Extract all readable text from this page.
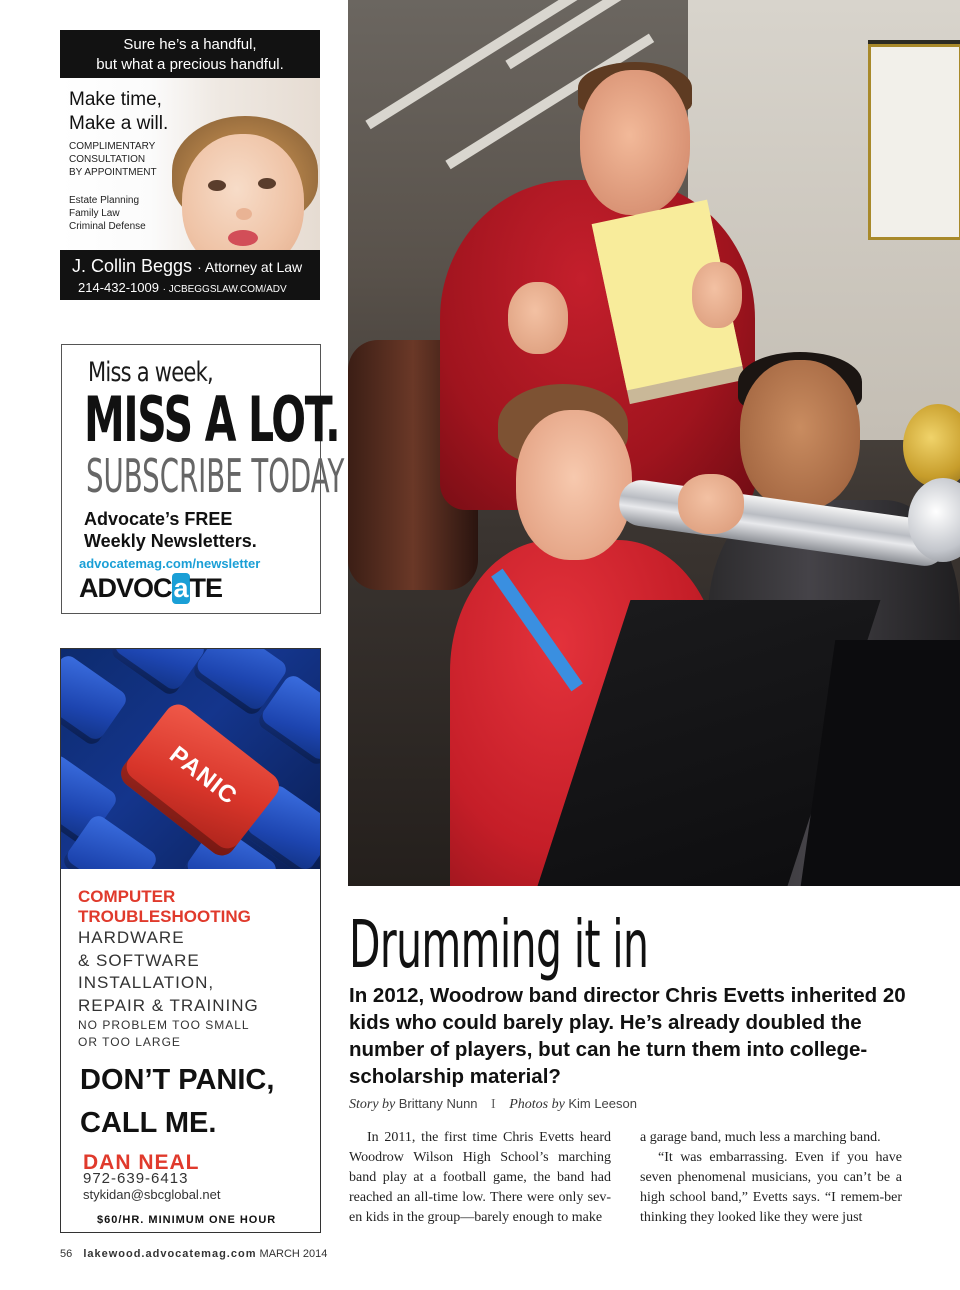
Sure he’s a handful,
but what a precious handful.
Make time,
Make a will.
COMPLIMENTARY
CONSULTATION
BY APPOINTMENT
Estate Planning
Family Law
Criminal Defense
J. Collin Beggs · Attorney at Law
214-432-1009 · JCBEGGSLAW.COM/ADV
Miss a week,
MISS A LOT.
SUBSCRIBE TODAY
Advocate’s FREE
Weekly Newsletters.
advocatemag.com/newsletter
ADVOCaTE
PANIC
COMPUTER
TROUBLESHOOTING
HARDWARE
& SOFTWARE
INSTALLATION,
REPAIR & TRAINING
NO PROBLEM TOO SMALL
OR TOO LARGE
DON’T PANIC,
CALL ME.
DAN NEAL
972-639-6413
stykidan@sbcglobal.net
$60/HR. MINIMUM ONE HOUR
Drumming it in
In 2012, Woodrow band director Chris Evetts inherited 20 kids who could barely play. He’s already doubled the number of players, but can he turn them into college-scholarship material?
Story by Brittany Nunn I Photos by Kim Leeson

In 2011, the first time Chris Evetts heard Woodrow Wilson High School’s marching band play at a football game, the band had reached an all-time low. There were only sev-en kids in the group—barely enough to make

a garage band, much less a marching band.

“It was embarrassing. Even if you have seven phenomenal musicians, you can’t be a high school band,” Evetts says. “I remem-ber thinking they looked like they were just

56 lakewood.advocatemag.com MARCH 2014
